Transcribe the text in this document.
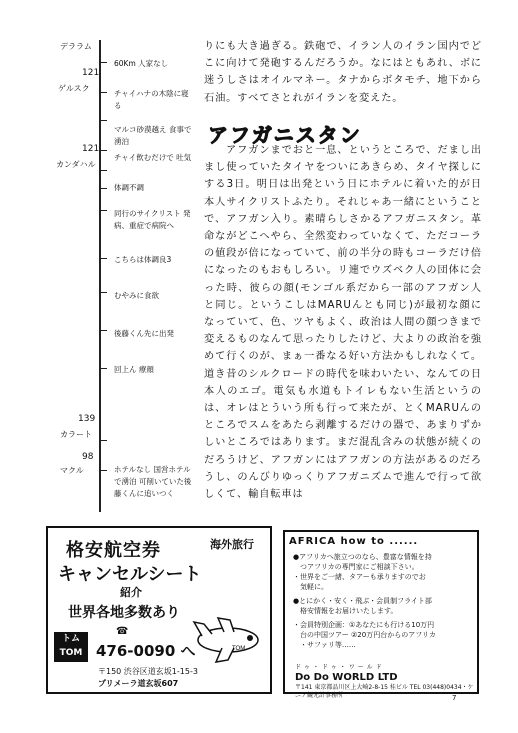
デララム
121
ゲルスク
121
カンダハル
139
カラート
98
マクル
60Km 人家なし
チャイハナの木陰に寝る
マルコ砂漠越え 食事で湧泊
チャイ飲むだけで 吐気
体調不調
同行のサイクリスト 発病、重症で病院へ
こちらは体調良3
むやみに食欲
後藤くん先に出発
回上ん 療顔
ホテルなし 国営ホテルで湧泊 可削いていた後 藤くんに追いつく
りにも大き過ぎる。鉄砲で、イラン人のイラン国内でどこに向けて発砲するんだろうか。なにはともあれ、ボに迷うしさはオイルマネー。タナからボタモチ、地下から石油。すべてさとれがイランを変えた。
アフガニスタン
アフガンまでおと一息、というところで、だまし出まし使っていたタイヤをついにあきらめ、タイヤ探しにする3日。明日は出発という日にホテルに着いた的が日本人サイクリストふたり。それじゃあ一緒にということで、アフガン入り。素晴らしさかるアフガニスタン。革命ながどこへやら、全然変わっていなくて、ただコーラの値段が倍になっていて、前の半分の時もコーラだけ倍になったのもおもしろい。リ連でウズベク人の団体に会った時、彼らの顔(モンゴル系だから一部のアフガン人と同じ。というこしはMARUんとも同じ)が最初な顔になっていて、色、ツヤもよく、政治は人間の顔つきまで変えるものなんて思ったりしたけど、大よりの政治を強めて行くのが、まぁ一番なる好い方法かもしれなくて。道き昔のシルクロードの時代を味わいたい、なんての日本人のエゴ。電気も水道もトイレもない生活というのは、オレはとういう所も行って来たが、とくMARUんのところでスムをあたら剥離するだけの器で、あまりずかしいところではあります。まだ混乱含みの状態が続くのだろうけど、アフガンにはアフガンの方法があるのだろうし、のんびりゆっくりアフガニズムで進んで行って欲しくて、輸自転車は
格安航空券	海外旅行
キャンセルシート
紹介
世界各地多数あり
トム
TOM
☎
476-0090 へ
〒150 渋谷区道玄坂1-15-3
プリメーラ道玄坂607
TOM
AFRICA how to ......
●アフリカへ旅立つのなら、豊富な情報を持
　つアフリカの専門家にご相談下さい。
・世界をご一緒、タアーも承りますのでお
　気軽に。
●とにかく・安く・飛ぶ・会員制フライト部
　格安情報をお届けいたします。
・会員特別企画：①あなたにも行ける10万円
　台の中国ツアー ②20万円台からのアフリカ
　・サファリ等……
ドゥ・ドゥ・ワールド
Do Do WORLD LTD
〒141 東京都品川区上大崎2-8-15 桂ビル TEL 03(448)0434・ケニア観光計事務所	7
